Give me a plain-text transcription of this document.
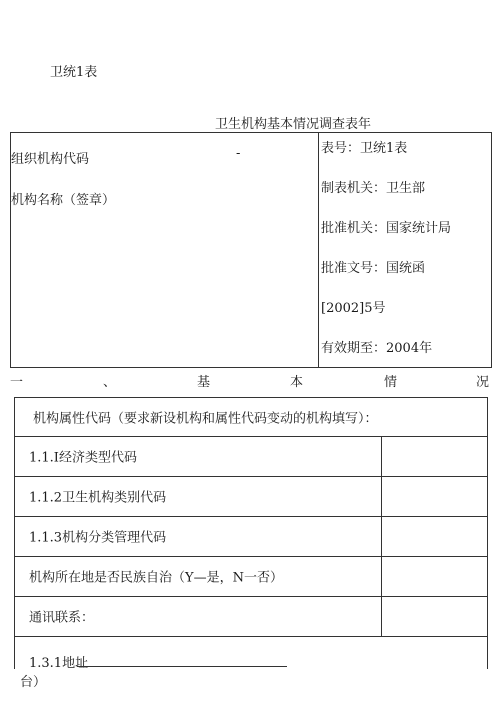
卫统1表
卫生机构基本情况调查表年
组织机构代码	-
机构名称（签章）
表号：卫统1表
制表机关：卫生部
批准机关：国家统计局
批准文号：国统函
[2002]5号
有效期至：2004年
一	、	基	本	情	况
机构属性代码（要求新设机构和属性代码变动的机构填写）：
1.1.I经济类型代码
1.1.2卫生机构类别代码
1.1.3机构分类管理代码
机构所在地是否民族自治（Y—是，N一否）
通讯联系：
1.3.1地址
台）
